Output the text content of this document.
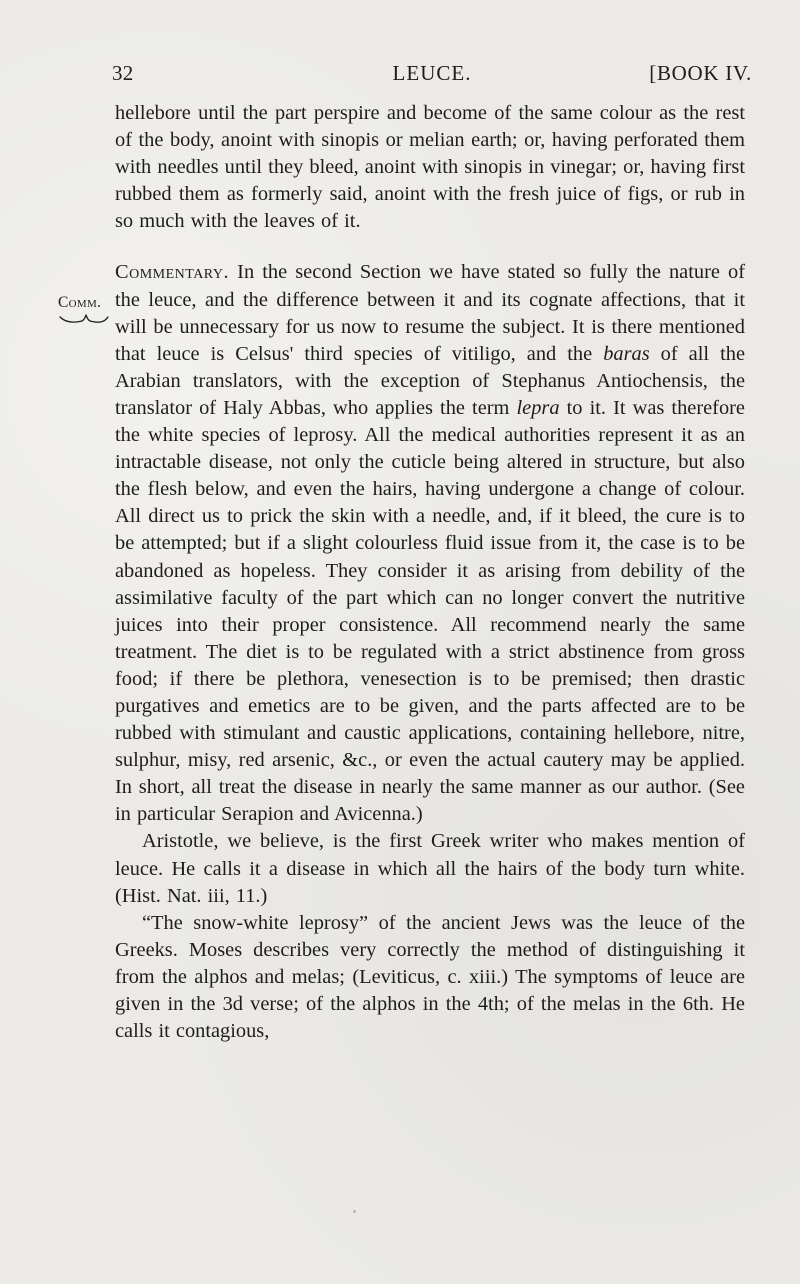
32	LEUCE.	[BOOK IV.
Comm.

hellebore until the part perspire and become of the same colour as the rest of the body, anoint with sinopis or melian earth; or, having perforated them with needles until they bleed, anoint with sinopis in vinegar; or, having first rubbed them as formerly said, anoint with the fresh juice of figs, or rub in so much with the leaves of it.

Commentary. In the second Section we have stated so fully the nature of the leuce, and the difference between it and its cognate affections, that it will be unnecessary for us now to resume the subject. It is there mentioned that leuce is Celsus' third species of vitiligo, and the baras of all the Arabian translators, with the exception of Stephanus Antiochensis, the translator of Haly Abbas, who applies the term lepra to it. It was therefore the white species of leprosy. All the medical authorities represent it as an intractable disease, not only the cuticle being altered in structure, but also the flesh below, and even the hairs, having undergone a change of colour. All direct us to prick the skin with a needle, and, if it bleed, the cure is to be attempted; but if a slight colourless fluid issue from it, the case is to be abandoned as hopeless. They consider it as arising from debility of the assimilative faculty of the part which can no longer convert the nutritive juices into their proper consistence. All recommend nearly the same treatment. The diet is to be regulated with a strict abstinence from gross food; if there be plethora, venesection is to be premised; then drastic purgatives and emetics are to be given, and the parts affected are to be rubbed with stimulant and caustic applications, containing hellebore, nitre, sulphur, misy, red arsenic, &c., or even the actual cautery may be applied. In short, all treat the disease in nearly the same manner as our author. (See in particular Serapion and Avicenna.)

Aristotle, we believe, is the first Greek writer who makes mention of leuce. He calls it a disease in which all the hairs of the body turn white. (Hist. Nat. iii, 11.)

“The snow-white leprosy” of the ancient Jews was the leuce of the Greeks. Moses describes very correctly the method of distinguishing it from the alphos and melas; (Leviticus, c. xiii.) The symptoms of leuce are given in the 3d verse; of the alphos in the 4th; of the melas in the 6th. He calls it contagious,
